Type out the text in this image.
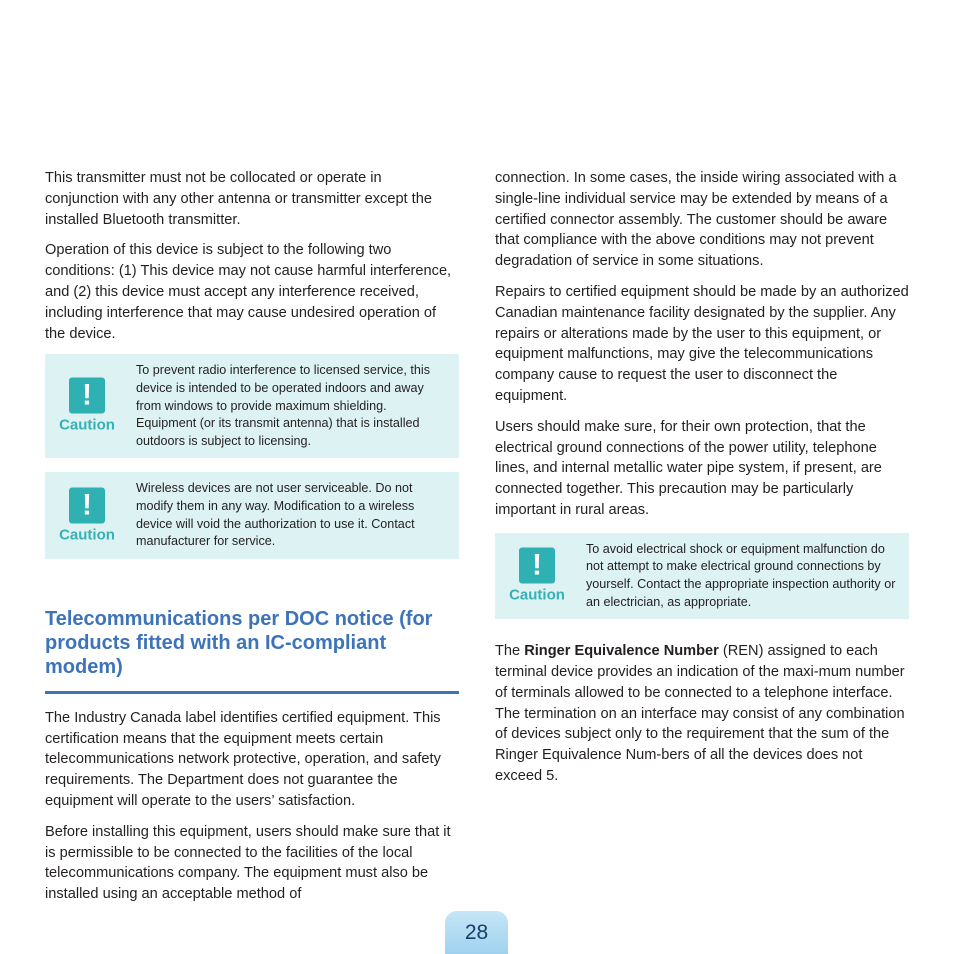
This transmitter must not be collocated or operate in conjunction with any other antenna or transmitter except the installed Bluetooth transmitter.

Operation of this device is subject to the following two conditions: (1) This device may not cause harmful interference, and (2) this device must accept any interference received, including interference that may cause undesired operation of the device.

!
Caution
To prevent radio interference to licensed service, this device is intended to be operated indoors and away from windows to provide maximum shielding. Equipment (or its transmit antenna) that is installed outdoors is subject to licensing.
!
Caution
Wireless devices are not user serviceable. Do not modify them in any way. Modification to a wireless device will void the authorization to use it. Contact manufacturer for service.
Telecommunications per DOC notice (for products fitted with an IC-compliant modem)

The Industry Canada label identifies certified equipment. This certification means that the equipment meets certain telecommunications network protective, operation, and safety requirements. The Department does not guarantee the equipment will operate to the users’ satisfaction.

Before installing this equipment, users should make sure that it is permissible to be connected to the facilities of the local telecommunications company. The equipment must also be installed using an acceptable method of

connection. In some cases, the inside wiring associated with a single-line individual service may be extended by means of a certified connector assembly. The customer should be aware that compliance with the above conditions may not prevent degradation of service in some situations.

Repairs to certified equipment should be made by an authorized Canadian maintenance facility designated by the supplier. Any repairs or alterations made by the user to this equipment, or equipment malfunctions, may give the telecommunications company cause to request the user to disconnect the equipment.

Users should make sure, for their own protection, that the electrical ground connections of the power utility, telephone lines, and internal metallic water pipe system, if present, are connected together. This precaution may be particularly important in rural areas.

!
Caution
To avoid electrical shock or equipment malfunction do not attempt to make electrical ground connections by yourself. Contact the appropriate inspection authority or an electrician, as appropriate.

The Ringer Equivalence Number (REN) assigned to each terminal device provides an indication of the maxi-mum number of terminals allowed to be connected to a telephone interface. The termination on an interface may consist of any combination of devices subject only to the requirement that the sum of the Ringer Equivalence Num-bers of all the devices does not exceed 5.

28
